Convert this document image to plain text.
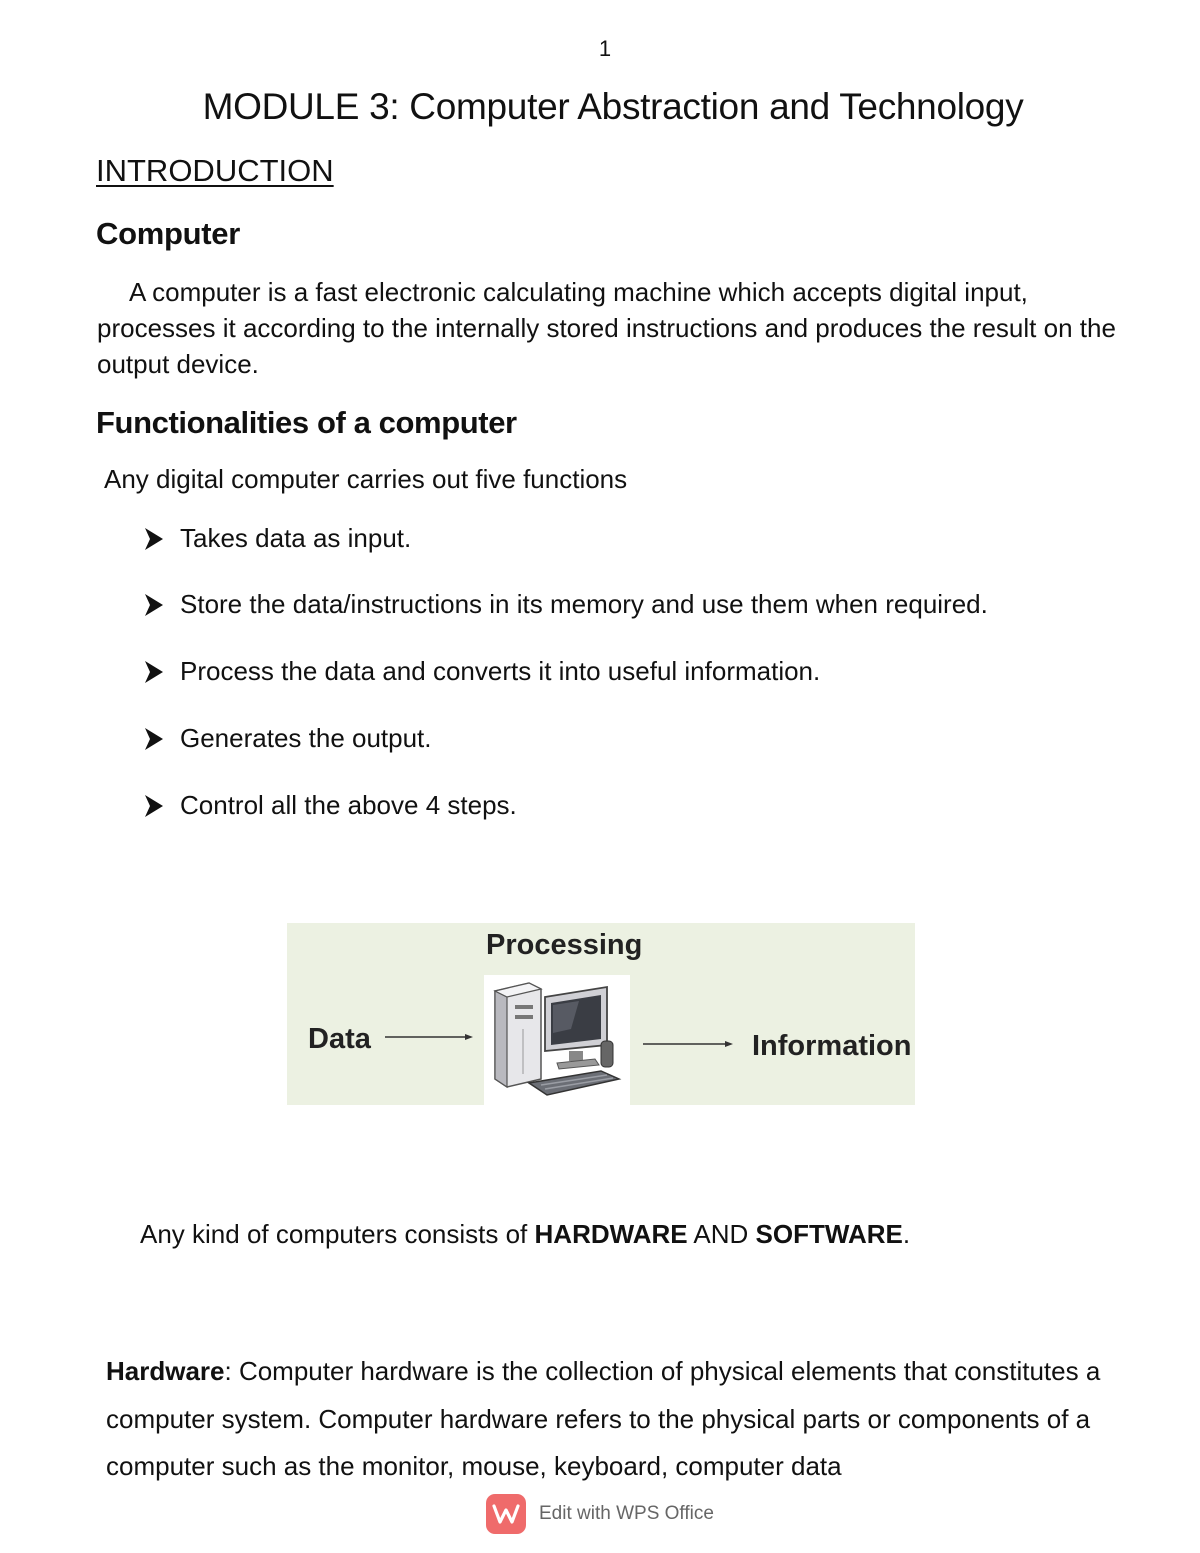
1
MODULE 3: Computer Abstraction and Technology
INTRODUCTION
Computer

A computer is a fast electronic calculating machine which accepts digital input, processes it according to the internally stored instructions and produces the result on the output device.

Functionalities of a computer

Any digital computer carries out five functions

Takes data as input.
Store the data/instructions in its memory and use them when required.
Process the data and converts it into useful information.
Generates the output.
Control all the above 4 steps.
Processing
Data	Information

Any kind of computers consists of HARDWARE AND SOFTWARE.

Hardware: Computer hardware is the collection of physical elements that constitutes a computer system. Computer hardware refers to the physical parts or components of a computer such as the monitor, mouse, keyboard, computer data

Edit with WPS Office
